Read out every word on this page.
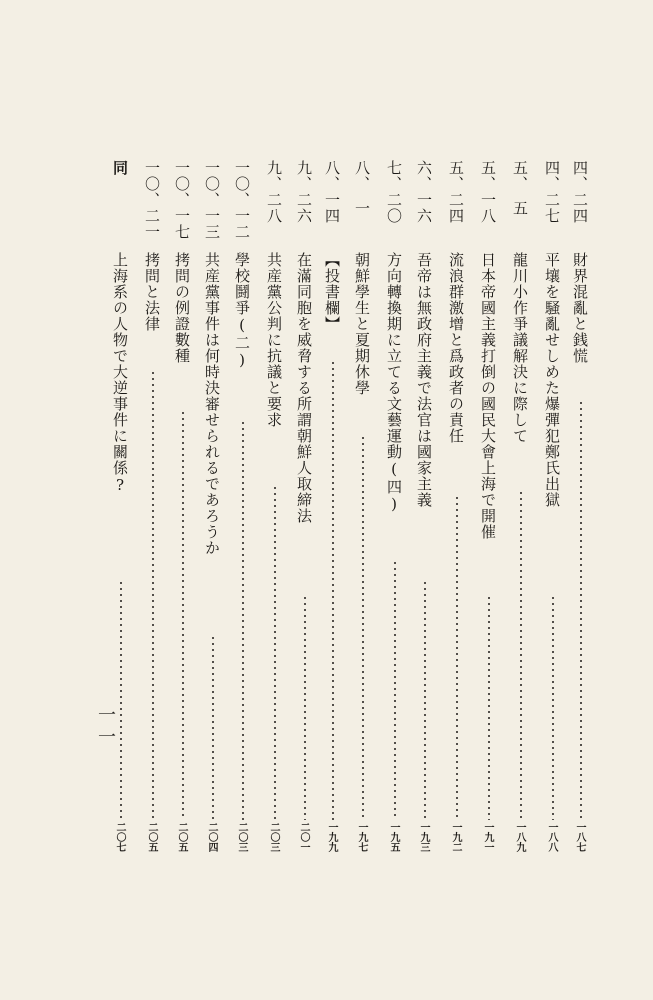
四、二四
財界混亂と銭慌
一八七
四、二七
平壤を騒亂せしめた爆彈犯鄭氏出獄
一八八
五、　五
龍川小作爭議解決に際して
一八九
五、一八
日本帝國主義打倒の國民大會上海で開催
一九一
五、二四
流浪群激增と爲政者の責任
一九二
六、一六
吾帝は無政府主義で法官は國家主義
一九三
七、二〇
方向轉換期に立てる文藝運動(四)
一九五
八、　一
朝鮮學生と夏期休學
一九七
八、一四
【投書欄】
一九九
九、二六
在滿同胞を威脅する所謂朝鮮人取締法
二〇一
九、二八
共産黨公判に抗議と要求
二〇三
一〇、一二
學校鬪爭(二)
二〇三
一〇、一三
共産黨事件は何時決審せられるであろうか
二〇四
一〇、一七
拷問の例證數種
二〇五
一〇、二一
拷問と法律
二〇五
同
上海系の人物で大逆事件に關係?
二〇七
一一
